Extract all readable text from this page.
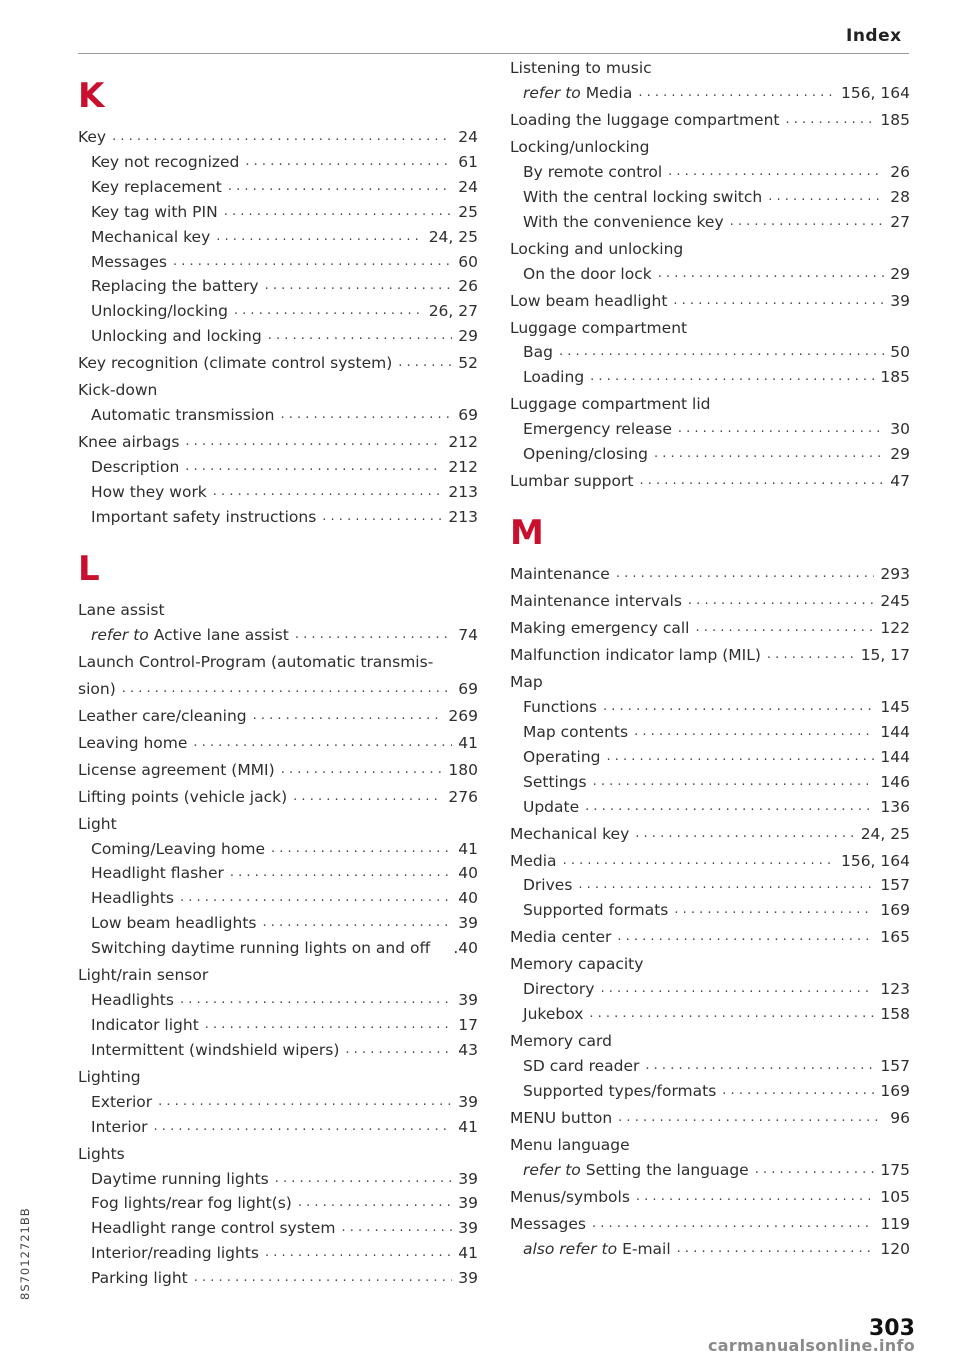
Index
K
Key . . .	24
Key not recognized . . .	61
Key replacement . . .	24
Key tag with PIN . . .	25
Mechanical key . . .	24, 25
Messages . . .	60
Replacing the battery . . .	26
Unlocking/locking . . .	26, 27
Unlocking and locking . . .	29
Key recognition (climate control system) . . .	52
Kick-down
Automatic transmission . . .	69
Knee airbags . . .	212
Description . . .	212
How they work . . .	213
Important safety instructions . . .	213
L
Lane assist
refer to Active lane assist . . .	74
Launch Control-Program (automatic transmis-
sion) . . .	69
Leather care/cleaning . . .	269
Leaving home . . .	41
License agreement (MMI) . . .	180
Lifting points (vehicle jack) . . .	276
Light
Coming/Leaving home . . .	41
Headlight flasher . . .	40
Headlights . . .	40
Low beam headlights . . .	39
Switching daytime running lights on and off .40
Light/rain sensor
Headlights . . .	39
Indicator light . . .	17
Intermittent (windshield wipers) . . .	43
Lighting
Exterior . . .	39
Interior . . .	41
Lights
Daytime running lights . . .	39
Fog lights/rear fog light(s) . . .	39
Headlight range control system . . .	39
Interior/reading lights . . .	41
Parking light . . .	39
Listening to music
refer to Media . . .	156, 164
Loading the luggage compartment . . .	185
Locking/unlocking
By remote control . . .	26
With the central locking switch . . .	28
With the convenience key . . .	27
Locking and unlocking
On the door lock . . .	29
Low beam headlight . . .	39
Luggage compartment
Bag . . .	50
Loading . . .	185
Luggage compartment lid
Emergency release . . .	30
Opening/closing . . .	29
Lumbar support . . .	47
M
Maintenance . . .	293
Maintenance intervals . . .	245
Making emergency call . . .	122
Malfunction indicator lamp (MIL) . . .	15, 17
Map
Functions . . .	145
Map contents . . .	144
Operating . . .	144
Settings . . .	146
Update . . .	136
Mechanical key . . .	24, 25
Media . . .	156, 164
Drives . . .	157
Supported formats . . .	169
Media center . . .	165
Memory capacity
Directory . . .	123
Jukebox . . .	158
Memory card
SD card reader . . .	157
Supported types/formats . . .	169
MENU button . . .	96
Menu language
refer to Setting the language . . .	175
Menus/symbols . . .	105
Messages . . .	119
also refer to E-mail . . .	120
8S7012721BB
303
carmanualsonline.info
